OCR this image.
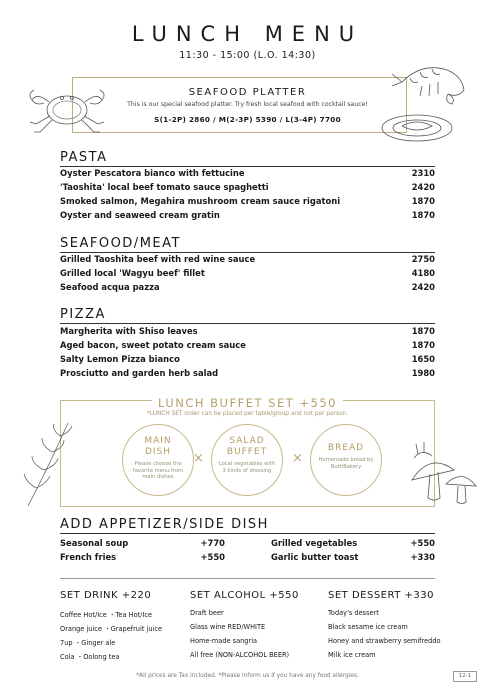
LUNCH MENU
11:30 - 15:00 (L.O. 14:30)
SEAFOOD PLATTER
This is our special seafood platter. Try fresh local seafood with cocktail sauce!
S(1-2P) 2860 / M(2-3P) 5390 / L(3-4P) 7700
PASTA
Oyster Pescatora bianco with fettucine	2310
'Taoshita' local beef tomato sauce spaghetti	2420
Smoked salmon, Megahira mushroom cream sauce rigatoni	1870
Oyster and seaweed cream gratin	1870
SEAFOOD/MEAT
Grilled Taoshita beef with red wine sauce	2750
Grilled local 'Wagyu beef' fillet	4180
Seafood acqua pazza	2420
PIZZA
Margherita with Shiso leaves	1870
Aged bacon, sweet potato cream sauce	1870
Salty Lemon Pizza bianco	1650
Prosciutto and garden herb salad	1980
LUNCH BUFFET SET +550
*LUNCH SET order can be placed per table/group and not per person.
MAIN
DISH
Please choose the favorite menu from main dishes
×
SALAD
BUFFET
Local vegetables with 3 kinds of dressing
×
BREAD
Homemade bread by ButtiBakery
ADD APPETIZER/SIDE DISH
Seasonal soup	+770
French fries	+550
Grilled vegetables	+550
Garlic butter toast	+330
SET DRINK +220
Coffee Hot/Ice ・Tea Hot/Ice
Orange juice ・Grapefruit juice
7up ・Ginger ale
Cola ・Oolong tea
SET ALCOHOL +550
Draft beer
Glass wine RED/WHITE
Home-made sangria
All free (NON-ALCOHOL BEER)
SET DESSERT +330
Today's dessert
Black sesame ice cream
Honey and strawberry semifreddo
Milk ice cream
*All prices are Tax included. *Please inform us if you have any food allergies.	12-1
